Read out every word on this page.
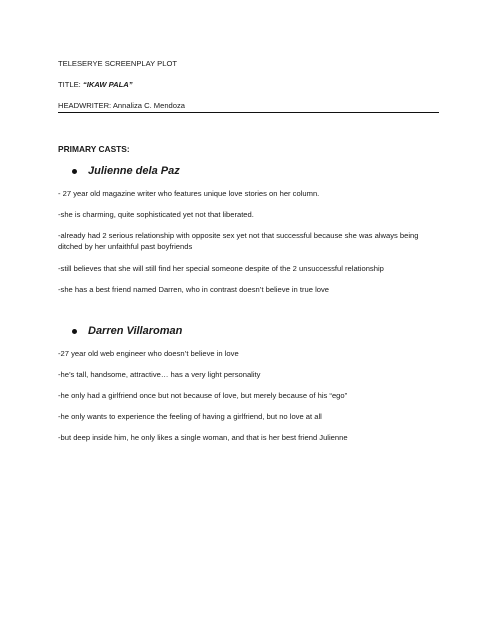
TELESERYE SCREENPLAY PLOT

TITLE: “IKAW PALA”

HEADWRITER: Annaliza C. Mendoza

PRIMARY CASTS:

Julienne dela Paz

- 27 year old magazine writer who features unique love stories on her column.

-she is charming, quite sophisticated yet not that liberated.

-already had 2 serious relationship with opposite sex yet not that successful because she was always being ditched by her unfaithful past boyfriends

-still believes that she will still find her special someone despite of the 2 unsuccessful relationship

-she has a best friend named Darren, who in contrast doesn’t believe in true love

Darren Villaroman

-27 year old web engineer who doesn’t believe in love

-he’s tall, handsome, attractive… has a very light personality

-he only had a girlfriend once but not because of love, but merely because of his “ego”

-he only wants to experience the feeling of having a girlfriend, but no love at all

-but deep inside him, he only likes a single woman, and that is her best friend Julienne
